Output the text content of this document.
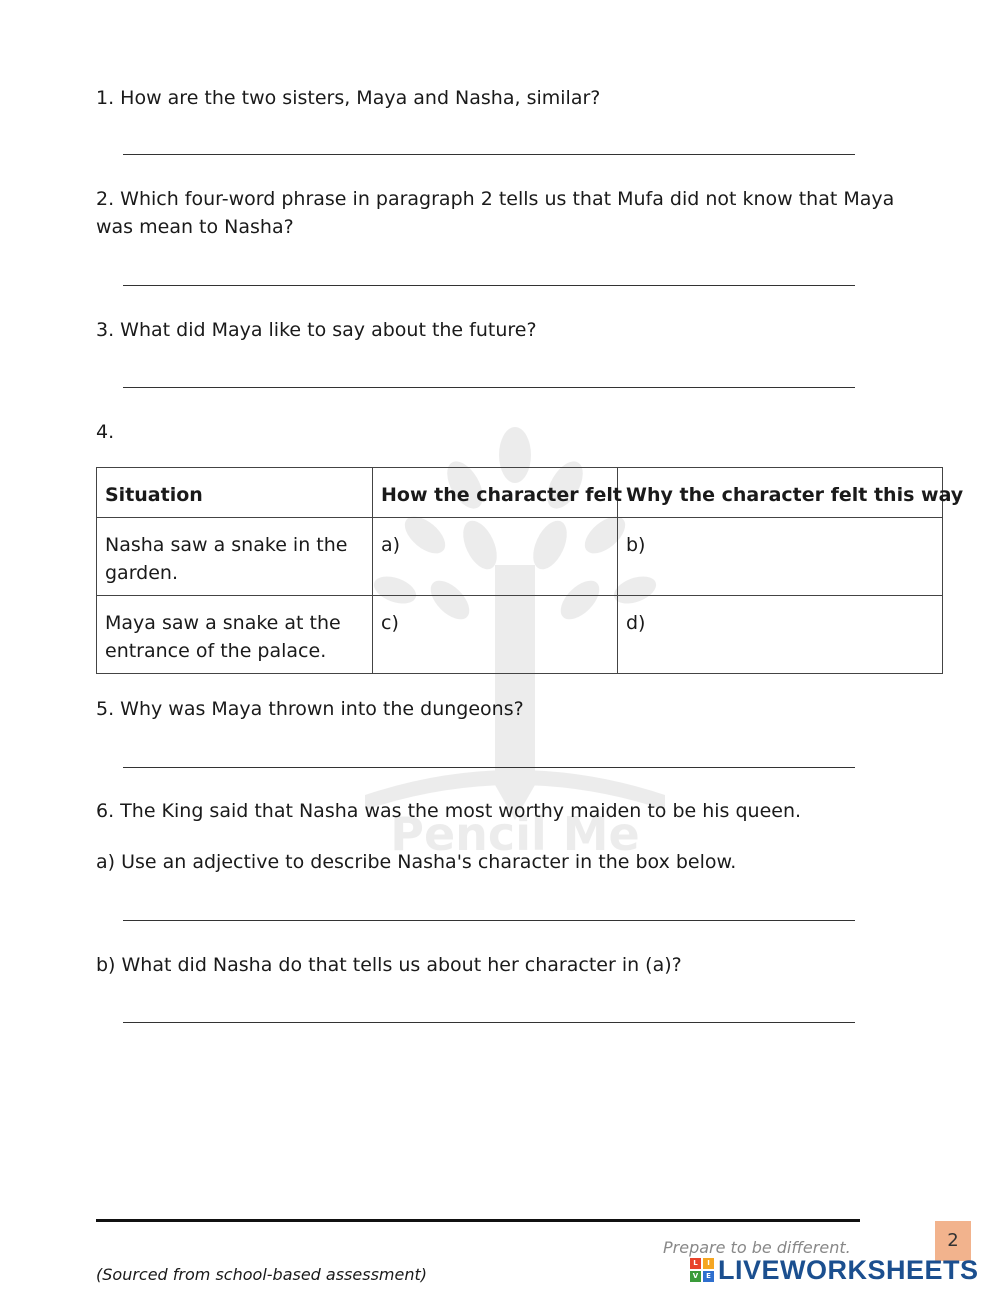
Pencil Me

1. How are the two sisters, Maya and Nasha, similar?

2. Which four-word phrase in paragraph 2 tells us that Mufa did not know that Maya was mean to Nasha?

3. What did Maya like to say about the future?

4.

Situation	How the character felt	Why the character felt this way
Nasha saw a snake in the garden.	a)	b)
Maya saw a snake at the entrance of the palace.	c)	d)

5. Why was Maya thrown into the dungeons?

6. The King said that Nasha was the most worthy maiden to be his queen.

a) Use an adjective to describe Nasha's character in the box below.

b) What did Nasha do that tells us about her character in (a)?

(Sourced from school-based assessment)
Prepare to be different.	2
L	I
V	E LIVEWORKSHEETS
